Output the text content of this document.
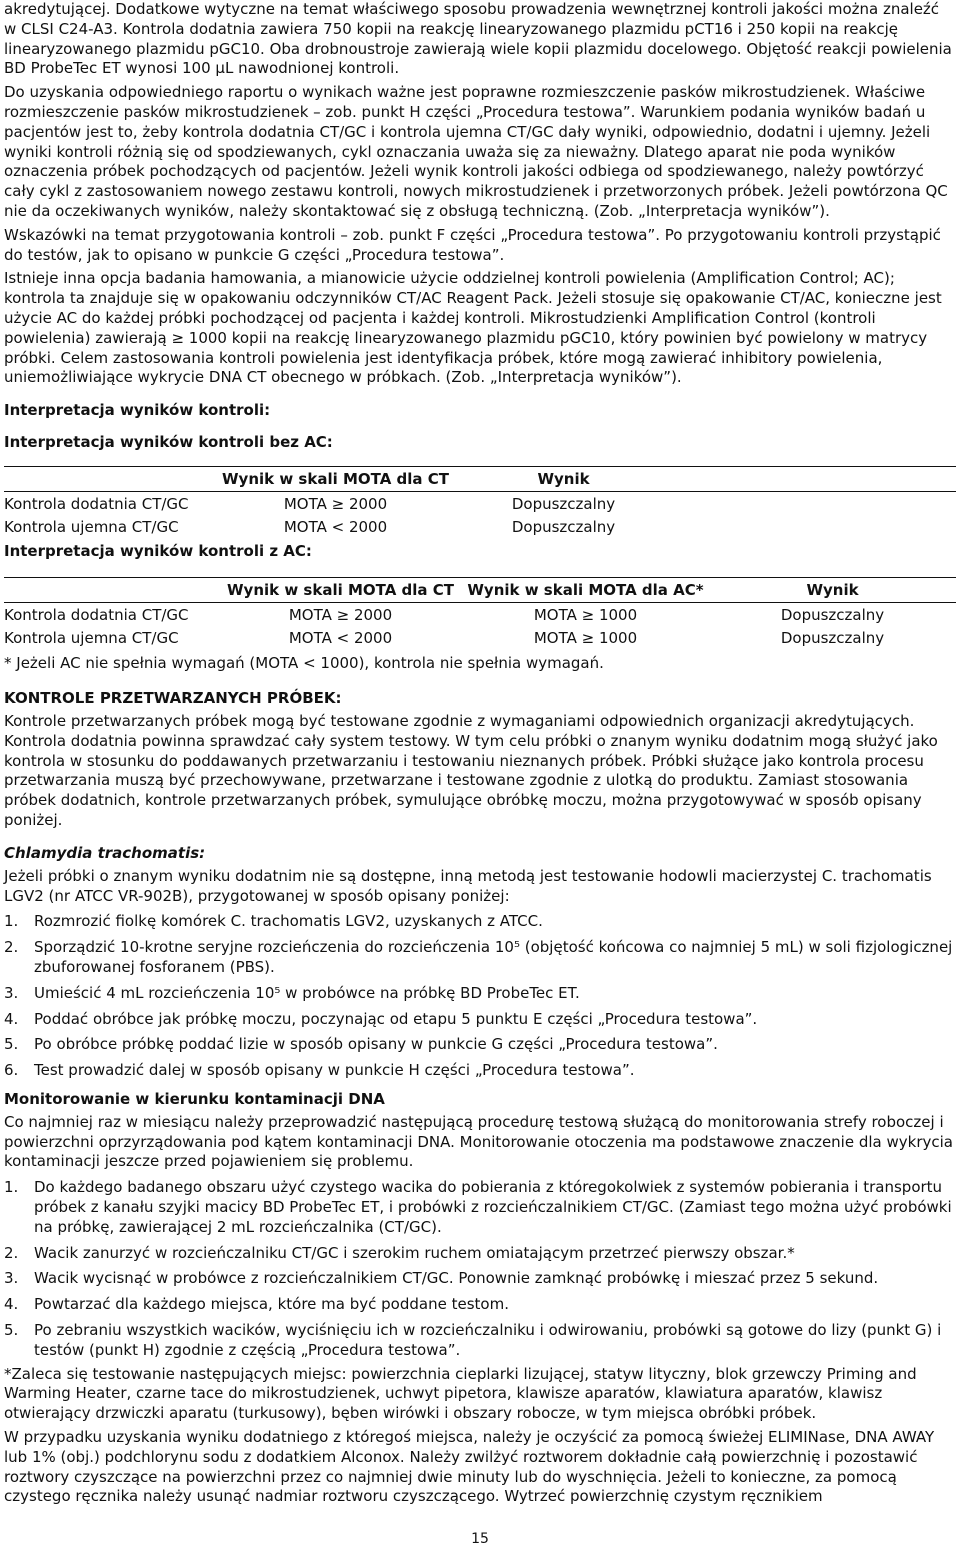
akredytującej. Dodatkowe wytyczne na temat właściwego sposobu prowadzenia wewnętrznej kontroli jakości można znaleźć w CLSI C24-A3. Kontrola dodatnia zawiera 750 kopii na reakcję linearyzowanego plazmidu pCT16 i 250 kopii na reakcję linearyzowanego plazmidu pGC10. Oba drobnoustroje zawierają wiele kopii plazmidu docelowego. Objętość reakcji powielenia BD ProbeTec ET wynosi 100 µL nawodnionej kontroli.

Do uzyskania odpowiedniego raportu o wynikach ważne jest poprawne rozmieszczenie pasków mikrostudzienek. Właściwe rozmieszczenie pasków mikrostudzienek – zob. punkt H części „Procedura testowa”. Warunkiem podania wyników badań u pacjentów jest to, żeby kontrola dodatnia CT/GC i kontrola ujemna CT/GC dały wyniki, odpowiednio, dodatni i ujemny. Jeżeli wyniki kontroli różnią się od spodziewanych, cykl oznaczania uważa się za nieważny. Dlatego aparat nie poda wyników oznaczenia próbek pochodzących od pacjentów. Jeżeli wynik kontroli jakości odbiega od spodziewanego, należy powtórzyć cały cykl z zastosowaniem nowego zestawu kontroli, nowych mikrostudzienek i przetworzonych próbek. Jeżeli powtórzona QC nie da oczekiwanych wyników, należy skontaktować się z obsługą techniczną. (Zob. „Interpretacja wyników”).

Wskazówki na temat przygotowania kontroli – zob. punkt F części „Procedura testowa”. Po przygotowaniu kontroli przystąpić do testów, jak to opisano w punkcie G części „Procedura testowa”.

Istnieje inna opcja badania hamowania, a mianowicie użycie oddzielnej kontroli powielenia (Amplification Control; AC); kontrola ta znajduje się w opakowaniu odczynników CT/AC Reagent Pack. Jeżeli stosuje się opakowanie CT/AC, konieczne jest użycie AC do każdej próbki pochodzącej od pacjenta i każdej kontroli. Mikrostudzienki Amplification Control (kontroli powielenia) zawierają ≥ 1000 kopii na reakcję linearyzowanego plazmidu pGC10, który powinien być powielony w matrycy próbki. Celem zastosowania kontroli powielenia jest identyfikacja próbek, które mogą zawierać inhibitory powielenia, uniemożliwiające wykrycie DNA CT obecnego w próbkach. (Zob. „Interpretacja wyników”).

Interpretacja wyników kontroli:

Interpretacja wyników kontroli bez AC:

	Wynik w skali MOTA dla CT	Wynik	
Kontrola dodatnia CT/GC	MOTA ≥ 2000	Dopuszczalny	
Kontrola ujemna CT/GC	MOTA < 2000	Dopuszczalny	

Interpretacja wyników kontroli z AC:

	Wynik w skali MOTA dla CT	Wynik w skali MOTA dla AC*	Wynik
Kontrola dodatnia CT/GC	MOTA ≥ 2000	MOTA ≥ 1000	Dopuszczalny
Kontrola ujemna CT/GC	MOTA < 2000	MOTA ≥ 1000	Dopuszczalny

* Jeżeli AC nie spełnia wymagań (MOTA < 1000), kontrola nie spełnia wymagań.

KONTROLE PRZETWARZANYCH PRÓBEK:

Kontrole przetwarzanych próbek mogą być testowane zgodnie z wymaganiami odpowiednich organizacji akredytujących. Kontrola dodatnia powinna sprawdzać cały system testowy. W tym celu próbki o znanym wyniku dodatnim mogą służyć jako kontrola w stosunku do poddawanych przetwarzaniu i testowaniu nieznanych próbek. Próbki służące jako kontrola procesu przetwarzania muszą być przechowywane, przetwarzane i testowane zgodnie z ulotką do produktu. Zamiast stosowania próbek dodatnich, kontrole przetwarzanych próbek, symulujące obróbkę moczu, można przygotowywać w sposób opisany poniżej.

Chlamydia trachomatis:

Jeżeli próbki o znanym wyniku dodatnim nie są dostępne, inną metodą jest testowanie hodowli macierzystej C. trachomatis LGV2 (nr ATCC VR-902B), przygotowanej w sposób opisany poniżej:

1. Rozmrozić fiolkę komórek C. trachomatis LGV2, uzyskanych z ATCC.
2. Sporządzić 10-krotne seryjne rozcieńczenia do rozcieńczenia 10⁵ (objętość końcowa co najmniej 5 mL) w soli fizjologicznej zbuforowanej fosforanem (PBS).
3. Umieścić 4 mL rozcieńczenia 10⁵ w probówce na próbkę BD ProbeTec ET.
4. Poddać obróbce jak próbkę moczu, poczynając od etapu 5 punktu E części „Procedura testowa”.
5. Po obróbce próbkę poddać lizie w sposób opisany w punkcie G części „Procedura testowa”.
6. Test prowadzić dalej w sposób opisany w punkcie H części „Procedura testowa”.

Monitorowanie w kierunku kontaminacji DNA

Co najmniej raz w miesiącu należy przeprowadzić następującą procedurę testową służącą do monitorowania strefy roboczej i powierzchni oprzyrządowania pod kątem kontaminacji DNA. Monitorowanie otoczenia ma podstawowe znaczenie dla wykrycia kontaminacji jeszcze przed pojawieniem się problemu.

1. Do każdego badanego obszaru użyć czystego wacika do pobierania z któregokolwiek z systemów pobierania i transportu próbek z kanału szyjki macicy BD ProbeTec ET, i probówki z rozcieńczalnikiem CT/GC. (Zamiast tego można użyć probówki na próbkę, zawierającej 2 mL rozcieńczalnika (CT/GC).
2. Wacik zanurzyć w rozcieńczalniku CT/GC i szerokim ruchem omiatającym przetrzeć pierwszy obszar.*
3. Wacik wycisnąć w probówce z rozcieńczalnikiem CT/GC. Ponownie zamknąć probówkę i mieszać przez 5 sekund.
4. Powtarzać dla każdego miejsca, które ma być poddane testom.
5. Po zebraniu wszystkich wacików, wyciśnięciu ich w rozcieńczalniku i odwirowaniu, probówki są gotowe do lizy (punkt G) i testów (punkt H) zgodnie z częścią „Procedura testowa”.

*Zaleca się testowanie następujących miejsc: powierzchnia cieplarki lizującej, statyw lityczny, blok grzewczy Priming and Warming Heater, czarne tace do mikrostudzienek, uchwyt pipetora, klawisze aparatów, klawiatura aparatów, klawisz otwierający drzwiczki aparatu (turkusowy), bęben wirówki i obszary robocze, w tym miejsca obróbki próbek.

W przypadku uzyskania wyniku dodatniego z któregoś miejsca, należy je oczyścić za pomocą świeżej ELIMINase, DNA AWAY lub 1% (obj.) podchlorynu sodu z dodatkiem Alconox. Należy zwilżyć roztworem dokładnie całą powierzchnię i pozostawić roztwory czyszczące na powierzchni przez co najmniej dwie minuty lub do wyschnięcia. Jeżeli to konieczne, za pomocą czystego ręcznika należy usunąć nadmiar roztworu czyszczącego. Wytrzeć powierzchnię czystym ręcznikiem

15
